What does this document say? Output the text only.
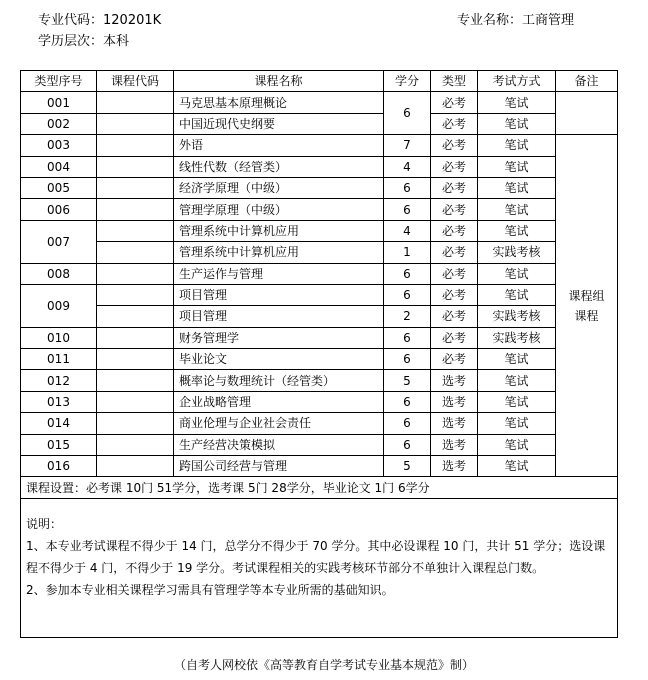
专业代码：120201K
学历层次：本科
专业名称：工商管理
类型序号	课程代码	课程名称	学分	类型	考试方式	备注
001		马克思基本原理概论	6	必考	笔试	
002		中国近现代史纲要		必考	笔试	
003		外语	7	必考	笔试	课程组课程
004		线性代数（经管类）	4	必考	笔试	
005		经济学原理（中级）	6	必考	笔试	
006		管理学原理（中级）	6	必考	笔试	
007		管理系统中计算机应用	4	必考	笔试	
		管理系统中计算机应用	1	必考	实践考核	
008		生产运作与管理	6	必考	笔试	
009		项目管理	6	必考	笔试	
		项目管理	2	必考	实践考核	
010		财务管理学	6	必考	实践考核	
011		毕业论文	6	必考	笔试	
012		概率论与数理统计（经管类）	5	选考	笔试	
013		企业战略管理	6	选考	笔试	
014		商业伦理与企业社会责任	6	选考	笔试	
015		生产经营决策模拟	6	选考	笔试	
016		跨国公司经营与管理	5	选考	笔试	
课程设置：必考课 10门 51学分，选考课 5门 28学分，毕业论文 1门 6学分						

说明：
1、本专业考试课程不得少于 14 门，总学分不得少于 70 学分。其中必设课程 10 门，共计 51 学分；选设课程不得少于 4 门，不得少于 19 学分。考试课程相关的实践考核环节部分不单独计入课程总门数。
2、参加本专业相关课程学习需具有管理学等本专业所需的基础知识。						
（自考人网校依《高等教育自学考试专业基本规范》制）
